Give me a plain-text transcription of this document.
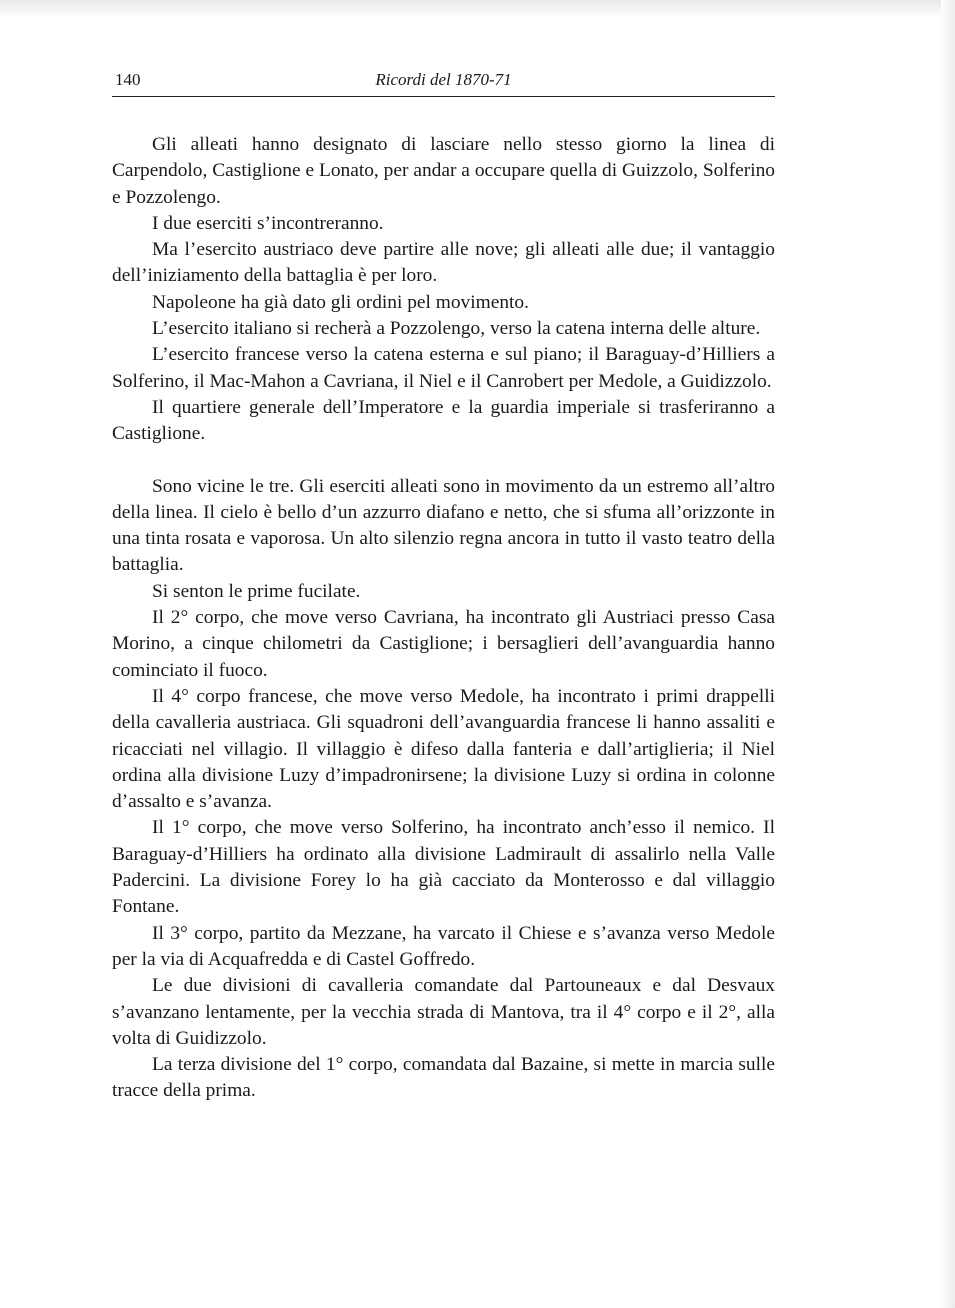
140	Ricordi del 1870-71

Gli alleati hanno designato di lasciare nello stesso giorno la linea di Carpendolo, Castiglione e Lonato, per andar a occupare quella di Guizzolo, Solferino e Pozzolengo.

I due eserciti s’incontreranno.

Ma l’esercito austriaco deve partire alle nove; gli alleati alle due; il vantaggio dell’iniziamento della battaglia è per loro.

Napoleone ha già dato gli ordini pel movimento.

L’esercito italiano si recherà a Pozzolengo, verso la catena interna delle alture.

L’esercito francese verso la catena esterna e sul piano; il Baraguay-d’Hilliers a Solferino, il Mac-Mahon a Cavriana, il Niel e il Canrobert per Medole, a Guidizzolo.

Il quartiere generale dell’Imperatore e la guardia imperiale si trasferiranno a Castiglione.

Sono vicine le tre. Gli eserciti alleati sono in movimento da un estremo all’altro della linea. Il cielo è bello d’un azzurro diafano e netto, che si sfuma all’orizzonte in una tinta rosata e vaporosa. Un alto silenzio regna ancora in tutto il vasto teatro della battaglia.

Si senton le prime fucilate.

Il 2° corpo, che move verso Cavriana, ha incontrato gli Austriaci presso Casa Morino, a cinque chilometri da Castiglione; i bersaglieri dell’avanguardia hanno cominciato il fuoco.

Il 4° corpo francese, che move verso Medole, ha incontrato i primi drappelli della cavalleria austriaca. Gli squadroni dell’avanguardia francese li hanno assaliti e ricacciati nel villagio. Il villaggio è difeso dalla fanteria e dall’artiglieria; il Niel ordina alla divisione Luzy d’impadronirsene; la divisione Luzy si ordina in colonne d’assalto e s’avanza.

Il 1° corpo, che move verso Solferino, ha incontrato anch’esso il nemico. Il Baraguay-d’Hilliers ha ordinato alla divisione Ladmirault di assalirlo nella Valle Padercini. La divisione Forey lo ha già cacciato da Monterosso e dal villaggio Fontane.

Il 3° corpo, partito da Mezzane, ha varcato il Chiese e s’avanza verso Medole per la via di Acquafredda e di Castel Goffredo.

Le due divisioni di cavalleria comandate dal Partouneaux e dal Desvaux s’avanzano lentamente, per la vecchia strada di Mantova, tra il 4° corpo e il 2°, alla volta di Guidizzolo.

La terza divisione del 1° corpo, comandata dal Bazaine, si mette in marcia sulle tracce della prima.
